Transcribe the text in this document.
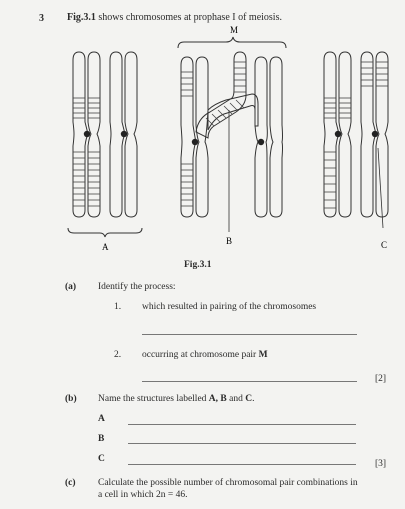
3 Fig.3.1 shows chromosomes at prophase I of meiosis.
A
M
B	C
Fig.3.1
(a) Identify the process:
1. which resulted in pairing of the chromosomes
2. occurring at chromosome pair M
[2]
(b) Name the structures labelled A, B and C.
A
B
C	[3]
(c) Calculate the possible number of chromosomal pair combinations in
a cell in which 2n = 46.
